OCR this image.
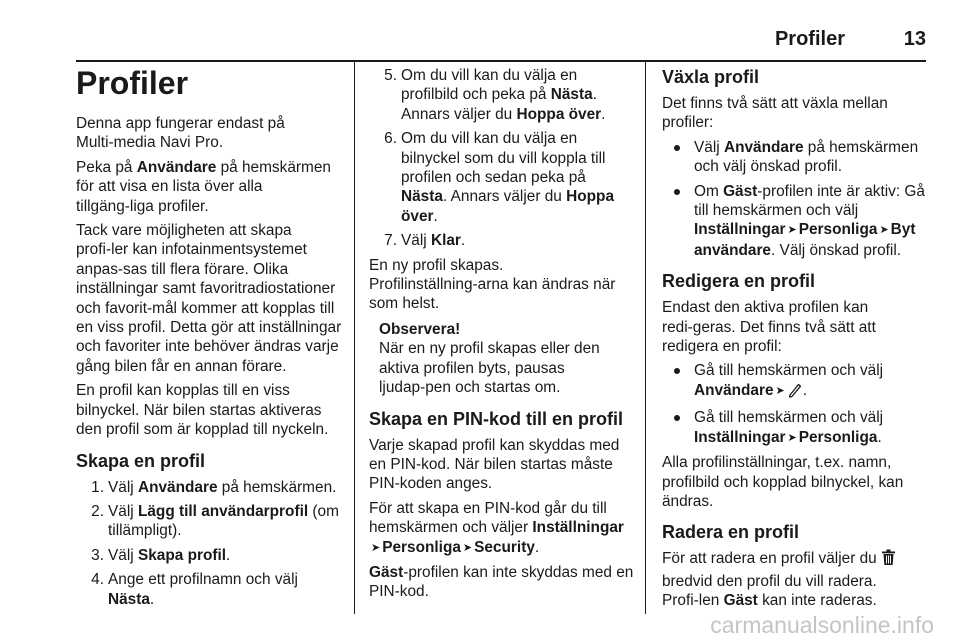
Profiler	13
Profiler

Denna app fungerar endast på Multi‑media Navi Pro.

Peka på Användare på hemskärmen för att visa en lista över alla tillgäng‑liga profiler.

Tack vare möjligheten att skapa profi‑ler kan infotainmentsystemet anpas‑sas till flera förare. Olika inställningar samt favoritradiostationer och favorit‑mål kommer att kopplas till en viss profil. Detta gör att inställningar och favoriter inte behöver ändras varje gång bilen får en annan förare.

En profil kan kopplas till en viss bilnyckel. När bilen startas aktiveras den profil som är kopplad till nyckeln.

Skapa en profil
1. Välj Användare på hemskärmen.
2. Välj Lägg till användarprofil (om tillämpligt).
3. Välj Skapa profil.
4. Ange ett profilnamn och välj Nästa.
5. Om du vill kan du välja en profilbild och peka på Nästa. Annars väljer du Hoppa över.
6. Om du vill kan du välja en bilnyckel som du vill koppla till profilen och sedan peka på Nästa. Annars väljer du Hoppa över.
7. Välj Klar.

En ny profil skapas. Profilinställning‑arna kan ändras när som helst.

Observera!
När en ny profil skapas eller den aktiva profilen byts, pausas ljudap‑pen och startas om.
Skapa en PIN‑kod till en profil

Varje skapad profil kan skyddas med en PIN‑kod. När bilen startas måste PIN‑koden anges.

För att skapa en PIN‑kod går du till hemskärmen och väljer Inställningar
➤ Personliga ➤ Security.

Gäst‑profilen kan inte skyddas med en PIN‑kod.

Växla profil

Det finns två sätt att växla mellan profiler:

Välj Användare på hemskärmen och välj önskad profil.
Om Gäst‑profilen inte är aktiv: Gå till hemskärmen och välj Inställningar ➤ Personliga ➤ Byt användare. Välj önskad profil.
Redigera en profil

Endast den aktiva profilen kan redi‑geras. Det finns två sätt att redigera en profil:

Gå till hemskärmen och välj Användare ➤ .
Gå till hemskärmen och välj Inställningar ➤ Personliga.

Alla profilinställningar, t.ex. namn, profilbild och kopplad bilnyckel, kan ändras.

Radera en profil

För att radera en profil väljer du  bredvid den profil du vill radera. Profi‑len Gäst kan inte raderas.

carmanualsonline.info
